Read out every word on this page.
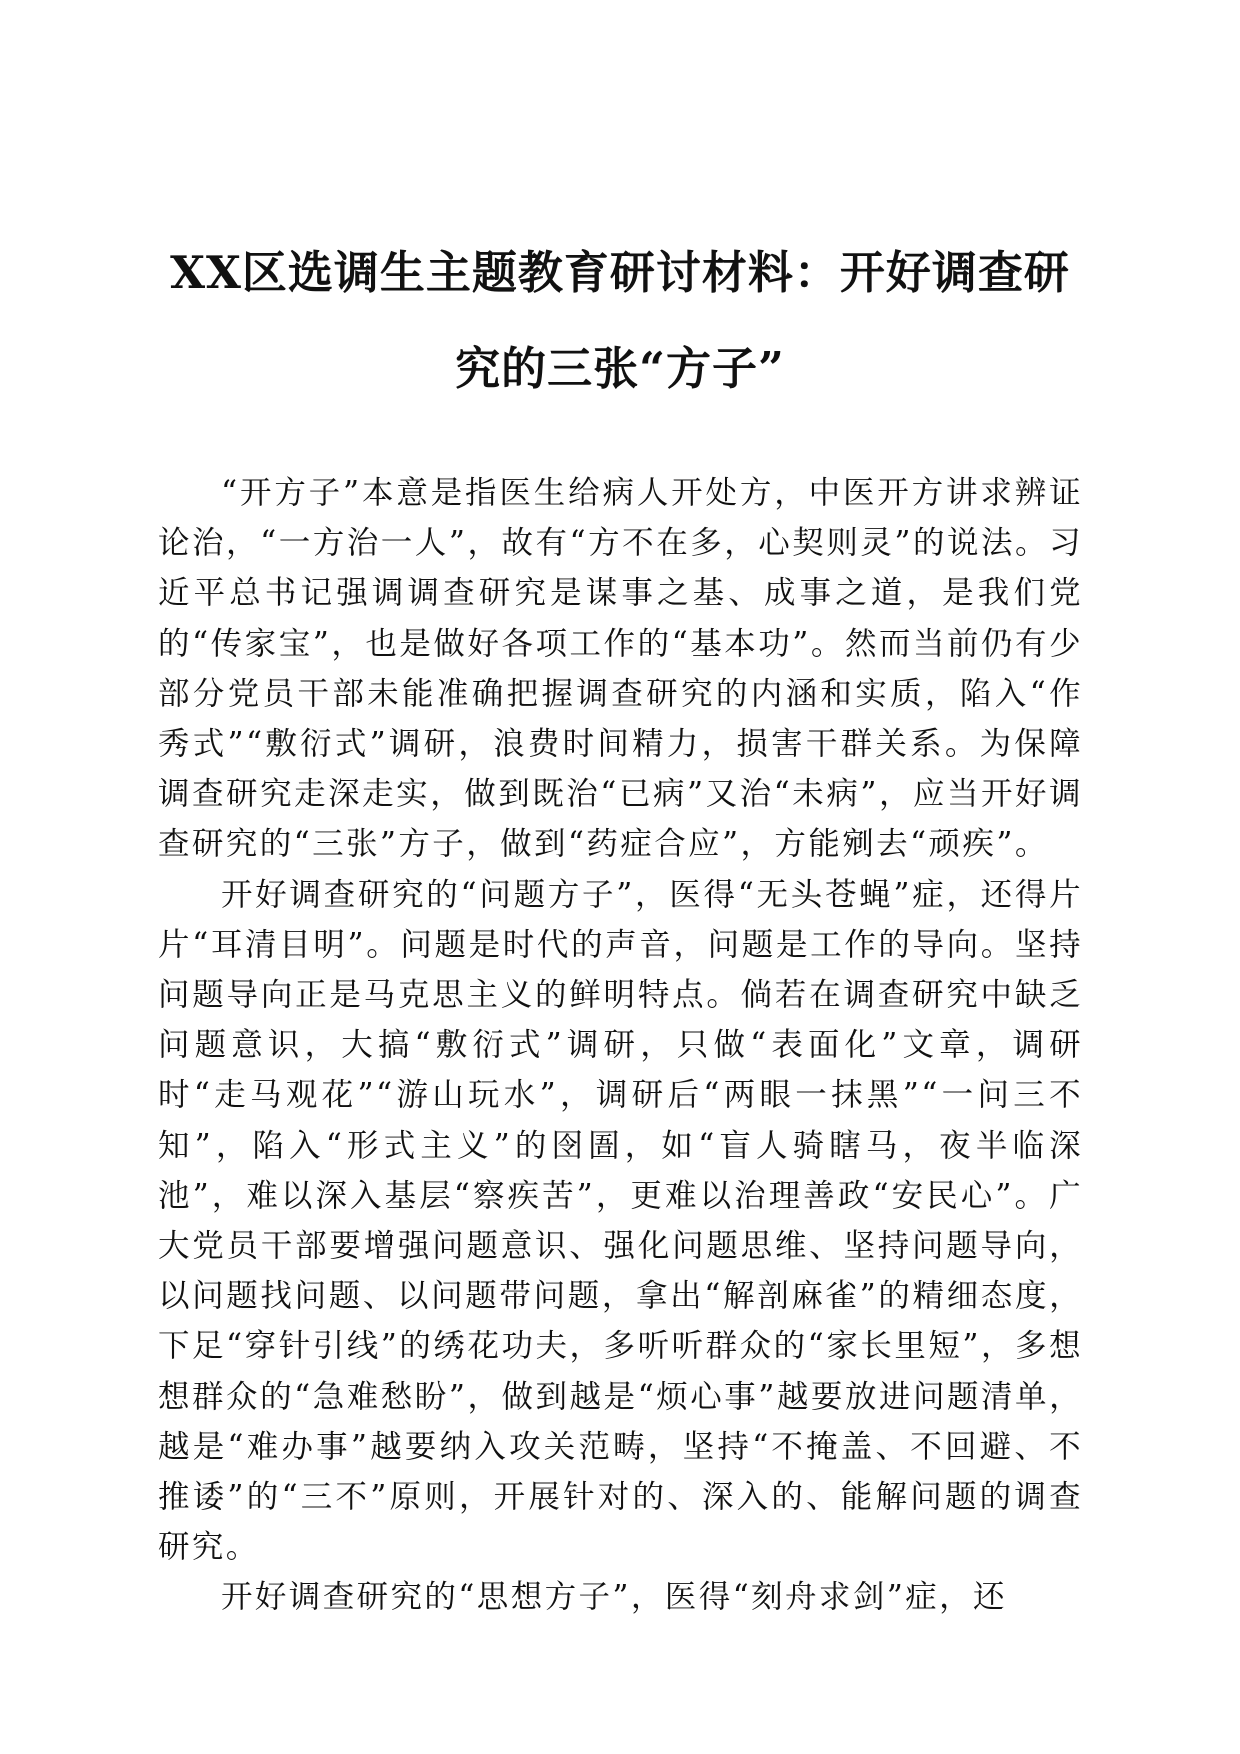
XX区选调生主题教育研讨材料：开好调查研
究的三张“方子”

“开方子”本意是指医生给病人开处方，中医开方讲求辨证论治，“一方治一人”，故有“方不在多，心契则灵”的说法。习近平总书记强调调查研究是谋事之基、成事之道，是我们党的“传家宝”，也是做好各项工作的“基本功”。然而当前仍有少部分党员干部未能准确把握调查研究的内涵和实质，陷入“作秀式”“敷衍式”调研，浪费时间精力，损害干群关系。为保障调查研究走深走实，做到既治“已病”又治“未病”，应当开好调查研究的“三张”方子，做到“药症合应”，方能剜去“顽疾”。

开好调查研究的“问题方子”，医得“无头苍蝇”症，还得片片“耳清目明”。问题是时代的声音，问题是工作的导向。坚持问题导向正是马克思主义的鲜明特点。倘若在调查研究中缺乏问题意识，大搞“敷衍式”调研，只做“表面化”文章，调研时“走马观花”“游山玩水”，调研后“两眼一抹黑”“一问三不知”，陷入“形式主义”的囹圄，如“盲人骑瞎马，夜半临深池”，难以深入基层“察疾苦”，更难以治理善政“安民心”。广大党员干部要增强问题意识、强化问题思维、坚持问题导向，以问题找问题、以问题带问题，拿出“解剖麻雀”的精细态度，下足“穿针引线”的绣花功夫，多听听群众的“家长里短”，多想想群众的“急难愁盼”，做到越是“烦心事”越要放进问题清单，越是“难办事”越要纳入攻关范畴，坚持“不掩盖、不回避、不推诿”的“三不”原则，开展针对的、深入的、能解问题的调查研究。

开好调查研究的“思想方子”，医得“刻舟求剑”症，还
